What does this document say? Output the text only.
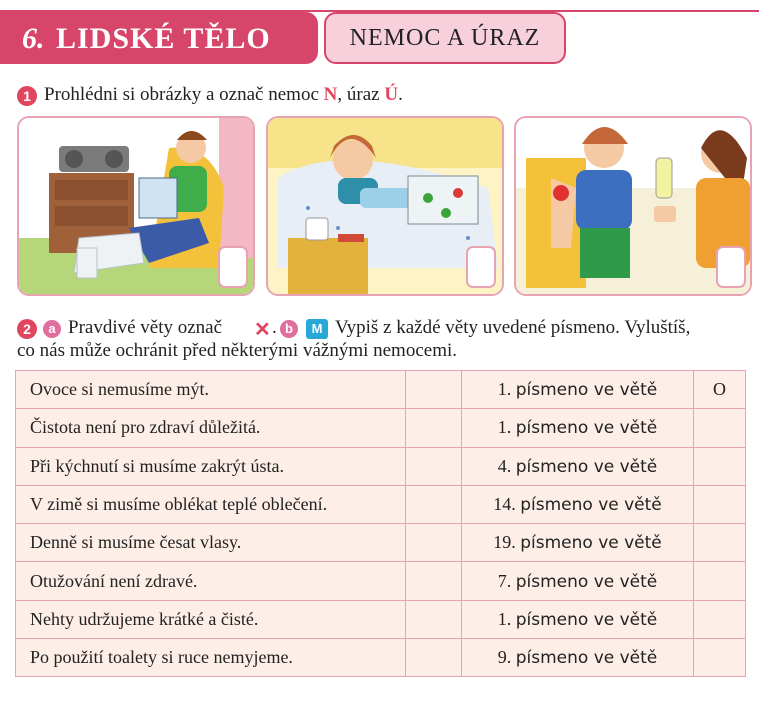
6. LIDSKÉ TĚLO	NEMOC A ÚRAZ
1 Prohlédni si obrázky a označ nemoc N, úraz Ú.
2	a Pravdivé věty označ ✕ . b	M Vypiš z každé věty uvedené písmeno. Vyluštíš,
co nás může ochránit před některými vážnými nemocemi.
Ovoce si nemusíme mýt.		1. písmeno ve větě	O
Čistota není pro zdraví důležitá.		1. písmeno ve větě	
Při kýchnutí si musíme zakrýt ústa.		4. písmeno ve větě	
V zimě si musíme oblékat teplé oblečení.		14. písmeno ve větě	
Denně si musíme česat vlasy.		19. písmeno ve větě	
Otužování není zdravé.		7. písmeno ve větě	
Nehty udržujeme krátké a čisté.		1. písmeno ve větě	
Po použití toalety si ruce nemyjeme.		9. písmeno ve větě	
